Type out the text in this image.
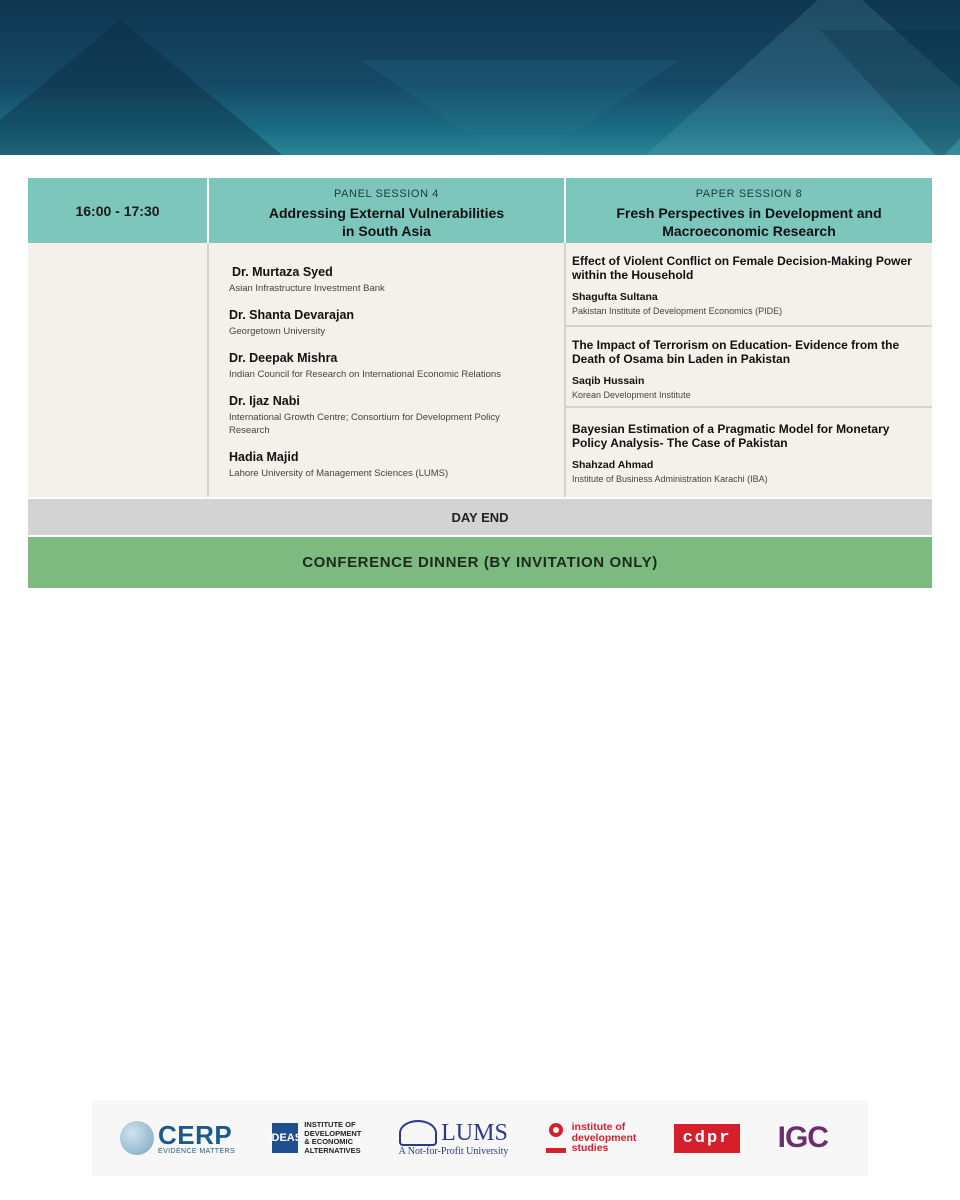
16:00 - 17:30
PANEL SESSION 4
Addressing External Vulnerabilities
in South Asia
PAPER SESSION 8
Fresh Perspectives in Development and
Macroeconomic Research
Dr. Murtaza Syed
Asian Infrastructure Investment Bank
Dr. Shanta Devarajan
Georgetown University
Dr. Deepak Mishra
Indian Council for Research on International Economic Relations
Dr. Ijaz Nabi
International Growth Centre; Consortium for Development Policy Research
Hadia Majid
Lahore University of Management Sciences (LUMS)
Effect of Violent Conflict on Female Decision-Making Power within the Household
Shagufta Sultana
Pakistan Institute of Development Economics (PIDE)
The Impact of Terrorism on Education- Evidence from the Death of Osama bin Laden in Pakistan
Saqib Hussain
Korean Development Institute
Bayesian Estimation of a Pragmatic Model for Monetary Policy Analysis- The Case of Pakistan
Shahzad Ahmad
Institute of Business Administration Karachi (IBA)
DAY END
CONFERENCE DINNER (BY INVITATION ONLY)
CERP
EVIDENCE MATTERS
IDEAS
INSTITUTE OF
DEVELOPMENT
& ECONOMIC
ALTERNATIVES
LUMS
A Not-for-Profit University
institute of
development
studies
cdpr	IGC
